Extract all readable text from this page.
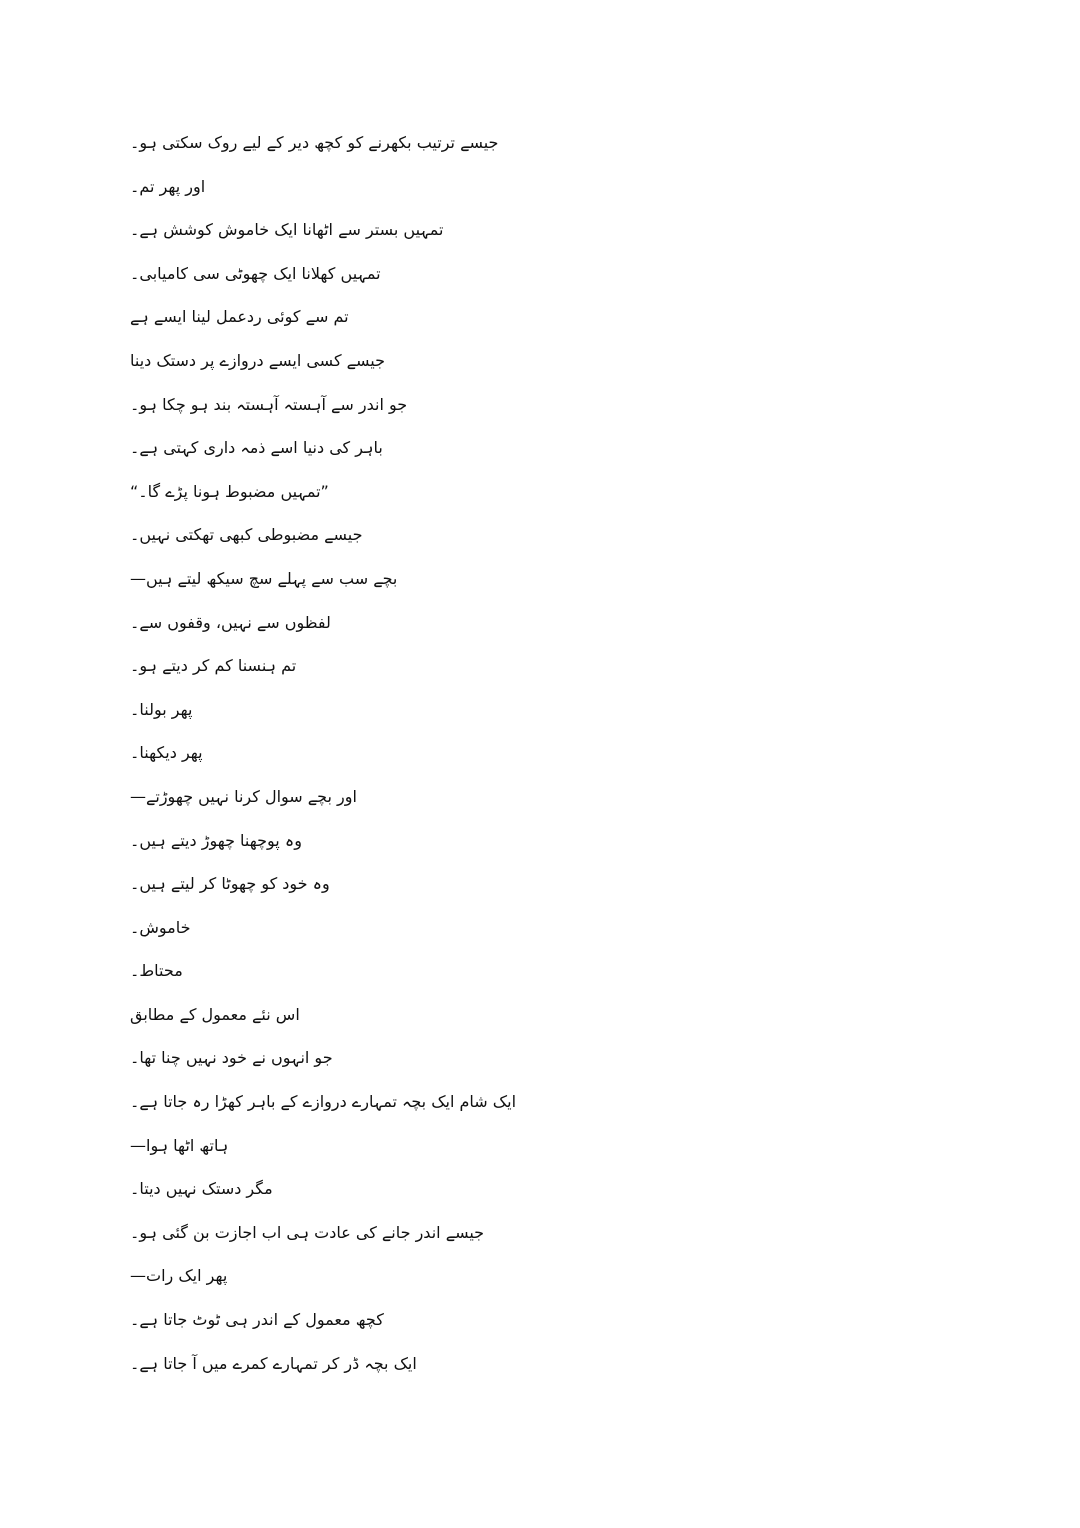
جیسے ترتیب بکھرنے کو کچھ دیر کے لیے روک سکتی ہو۔
اور پھر تم۔
تمہیں بستر سے اٹھانا ایک خاموش کوشش ہے۔
تمہیں کھلانا ایک چھوٹی سی کامیابی۔
تم سے کوئی ردعمل لینا ایسے ہے
جیسے کسی ایسے دروازے پر دستک دینا
جو اندر سے آہستہ آہستہ بند ہو چکا ہو۔
باہر کی دنیا اسے ذمہ داری کہتی ہے۔
”تمہیں مضبوط ہونا پڑے گا۔“
جیسے مضبوطی کبھی تھکتی نہیں۔
بچے سب سے پہلے سچ سیکھ لیتے ہیں—
لفظوں سے نہیں، وقفوں سے۔
تم ہنسنا کم کر دیتے ہو۔
پھر بولنا۔
پھر دیکھنا۔
اور بچے سوال کرنا نہیں چھوڑتے—
وہ پوچھنا چھوڑ دیتے ہیں۔
وہ خود کو چھوٹا کر لیتے ہیں۔
خاموش۔
محتاط۔
اس نئے معمول کے مطابق
جو انہوں نے خود نہیں چنا تھا۔
ایک شام ایک بچہ تمہارے دروازے کے باہر کھڑا رہ جاتا ہے۔
ہاتھ اٹھا ہوا—
مگر دستک نہیں دیتا۔
جیسے اندر جانے کی عادت ہی اب اجازت بن گئی ہو۔
پھر ایک رات—
کچھ معمول کے اندر ہی ٹوٹ جاتا ہے۔
ایک بچہ ڈر کر تمہارے کمرے میں آ جاتا ہے۔
